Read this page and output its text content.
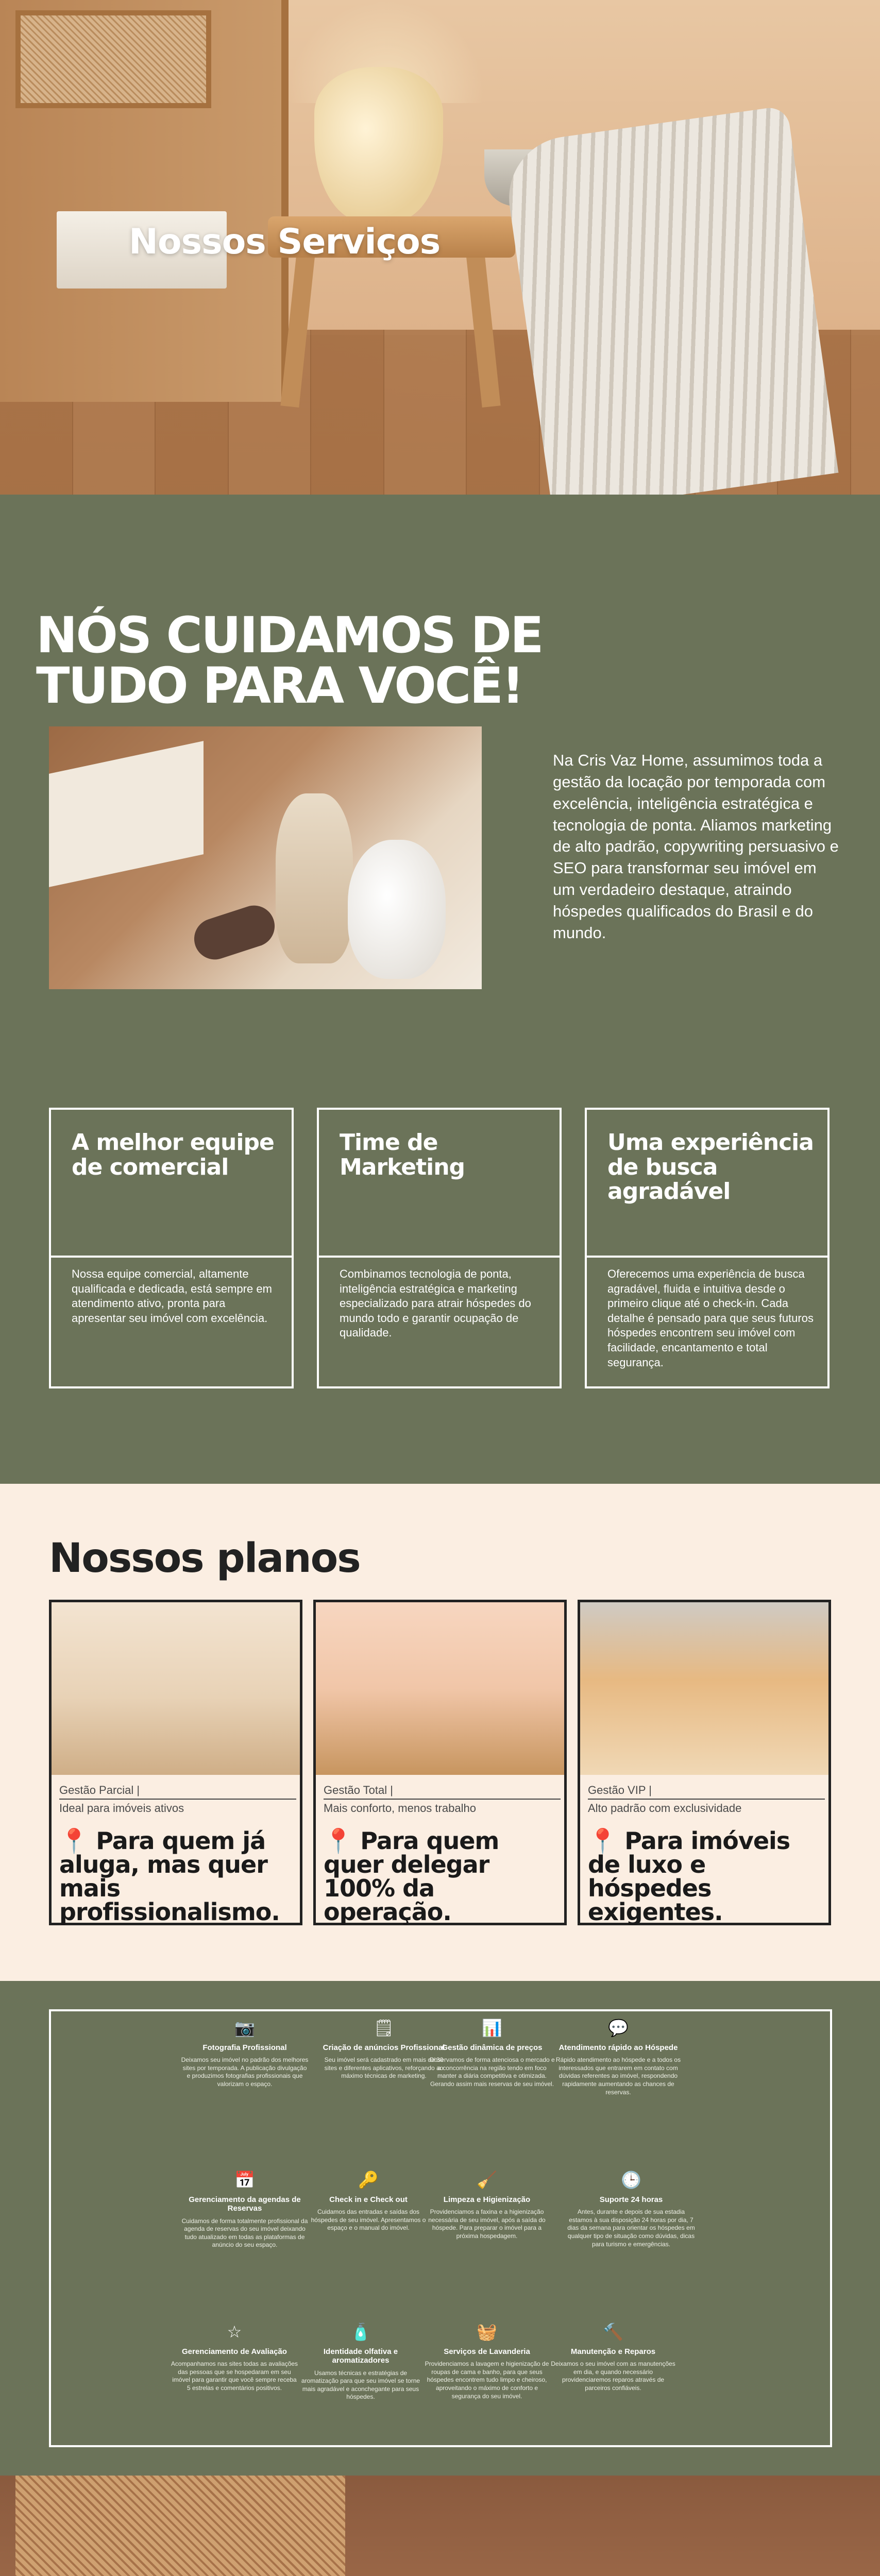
Nossos Serviços
NÓS CUIDAMOS DE TUDO PARA VOCÊ!

Na Cris Vaz Home, assumimos toda a gestão da locação por temporada com excelência, inteligência estratégica e tecnologia de ponta. Aliamos marketing de alto padrão, copywriting persuasivo e SEO para transformar seu imóvel em um verdadeiro destaque, atraindo hóspedes qualificados do Brasil e do mundo.

A melhor equipe de comercial
Nossa equipe comercial, altamente qualificada e dedicada, está sempre em atendimento ativo, pronta para apresentar seu imóvel com excelência.
Time de Marketing
Combinamos tecnologia de ponta, inteligência estratégica e marketing especializado para atrair hóspedes do mundo todo e garantir ocupação de qualidade.
Uma experiência de busca agradável
Oferecemos uma experiência de busca agradável, fluida e intuitiva desde o primeiro clique até o check-in. Cada detalhe é pensado para que seus futuros hóspedes encontrem seu imóvel com facilidade, encantamento e total segurança.
Nossos planos
Gestão Parcial |
Ideal para imóveis ativos
📍 Para quem já aluga, mas quer mais profissionalismo.
Gestão Total |
Mais conforto, menos trabalho
📍 Para quem quer delegar 100% da operação.
Gestão VIP |
Alto padrão com exclusividade
📍 Para imóveis de luxo e hóspedes exigentes.
📷
Fotografia Profissional
Deixamos seu imóvel no padrão dos melhores sites por temporada. A publicação divulgação e produzimos fotografias profissionais que valorizam o espaço.
🗒
Criação de anúncios Profissional
Seu imóvel será cadastrado em mais de 30 sites e diferentes aplicativos, reforçando ao máximo técnicas de marketing.
📊
Gestão dinâmica de preços
Observamos de forma atenciosa o mercado e a concorrência na região tendo em foco manter a diária competitiva e otimizada. Gerando assim mais reservas de seu imóvel.
💬
Atendimento rápido ao Hóspede
Rápido atendimento ao hóspede e a todos os interessados que entrarem em contato com dúvidas referentes ao imóvel, respondendo rapidamente aumentando as chances de reservas.
📅
Gerenciamento da agendas de Reservas
Cuidamos de forma totalmente profissional da agenda de reservas do seu imóvel deixando tudo atualizado em todas as plataformas de anúncio do seu espaço.
🔑
Check in e Check out
Cuidamos das entradas e saídas dos hóspedes de seu imóvel. Apresentamos o espaço e o manual do imóvel.
🧹
Limpeza e Higienização
Providenciamos a faxina e a higienização necessária de seu imóvel, após a saída do hóspede. Para preparar o imóvel para a próxima hospedagem.
🕒
Suporte 24 horas
Antes, durante e depois de sua estadia estamos à sua disposição 24 horas por dia, 7 dias da semana para orientar os hóspedes em qualquer tipo de situação como dúvidas, dicas para turismo e emergências.
☆
Gerenciamento de Avaliação
Acompanhamos nas sites todas as avaliações das pessoas que se hospedaram em seu imóvel para garantir que você sempre receba 5 estrelas e comentários positivos.
🧴
Identidade olfativa e aromatizadores
Usamos técnicas e estratégias de aromatização para que seu imóvel se torne mais agradável e aconchegante para seus hóspedes.
🧺
Serviços de Lavanderia
Providenciamos a lavagem e higienização de roupas de cama e banho, para que seus hóspedes encontrem tudo limpo e cheiroso, aproveitando o máximo de conforto e segurança do seu imóvel.
🔨
Manutenção e Reparos
Deixamos o seu imóvel com as manutenções em dia, e quando necessário providenciaremos reparos através de parceiros confiáveis.
